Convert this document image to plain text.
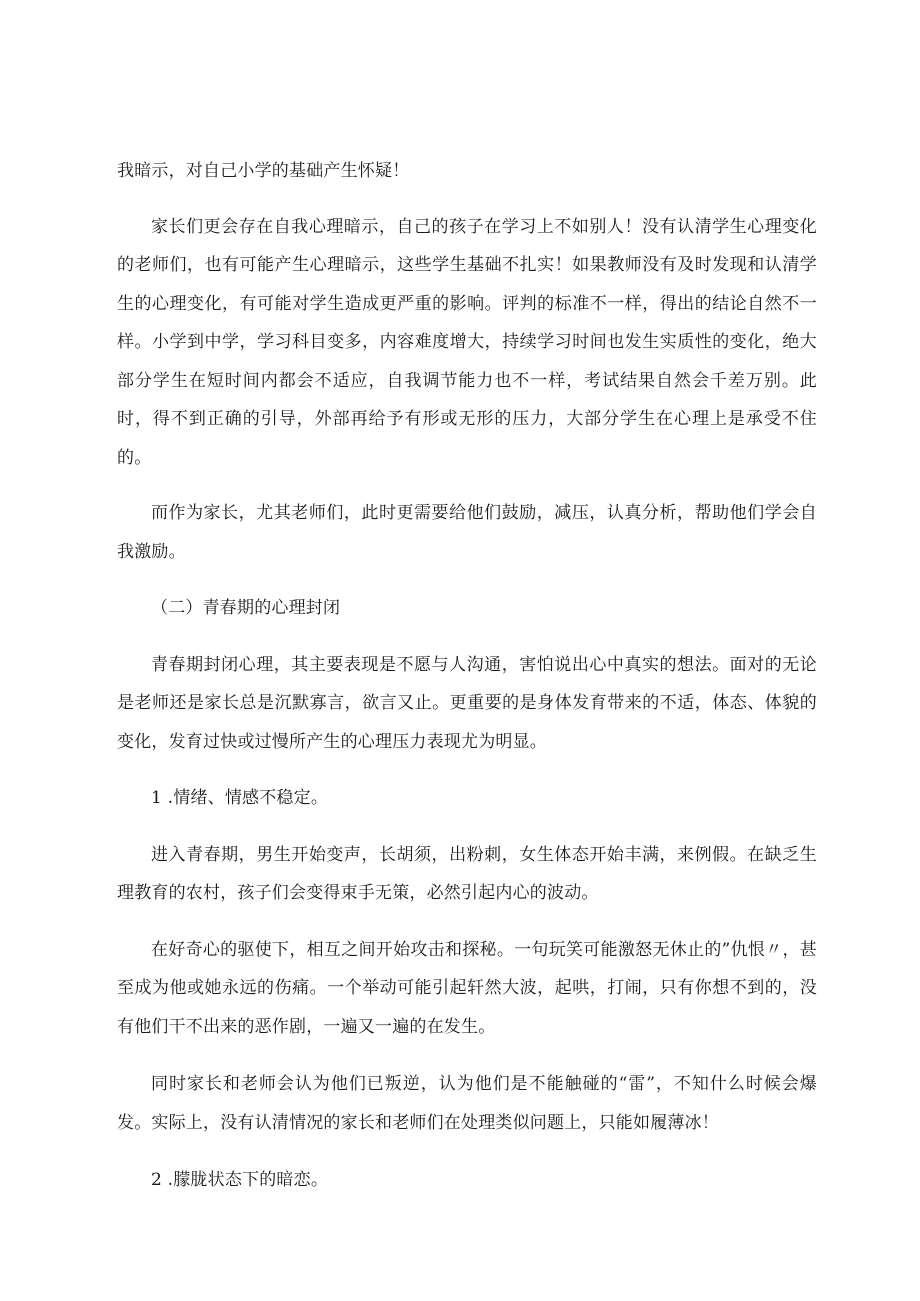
我暗示，对自己小学的基础产生怀疑！

家长们更会存在自我心理暗示，自己的孩子在学习上不如别人！没有认清学生心理变化的老师们，也有可能产生心理暗示，这些学生基础不扎实！如果教师没有及时发现和认清学生的心理变化，有可能对学生造成更严重的影响。评判的标准不一样，得出的结论自然不一样。小学到中学，学习科目变多，内容难度增大，持续学习时间也发生实质性的变化，绝大部分学生在短时间内都会不适应，自我调节能力也不一样，考试结果自然会千差万别。此时，得不到正确的引导，外部再给予有形或无形的压力，大部分学生在心理上是承受不住的。

而作为家长，尤其老师们，此时更需要给他们鼓励，减压，认真分析，帮助他们学会自我激励。

（二）青春期的心理封闭

青春期封闭心理，其主要表现是不愿与人沟通，害怕说出心中真实的想法。面对的无论是老师还是家长总是沉默寡言，欲言又止。更重要的是身体发育带来的不适，体态、体貌的变化，发育过快或过慢所产生的心理压力表现尤为明显。

1 .情绪、情感不稳定。

进入青春期，男生开始变声，长胡须，出粉刺，女生体态开始丰满，来例假。在缺乏生理教育的农村，孩子们会变得束手无策，必然引起内心的波动。

在好奇心的驱使下，相互之间开始攻击和探秘。一句玩笑可能激怒无休止的”仇恨〃，甚至成为他或她永远的伤痛。一个举动可能引起轩然大波，起哄，打闹，只有你想不到的，没有他们干不出来的恶作剧，一遍又一遍的在发生。

同时家长和老师会认为他们已叛逆，认为他们是不能触碰的“雷”，不知什么时候会爆发。实际上，没有认清情况的家长和老师们在处理类似问题上，只能如履薄冰！

2 .朦胧状态下的暗恋。
